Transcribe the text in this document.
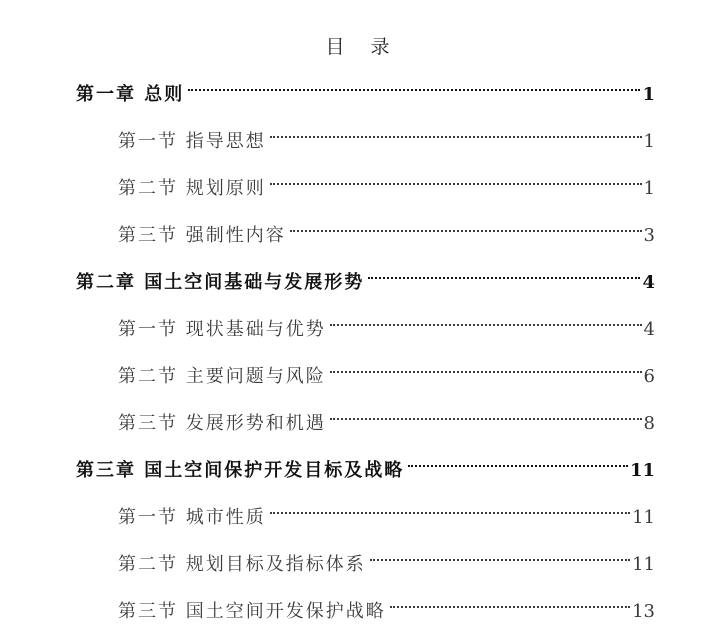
目 录
第一章 总则	1
第一节 指导思想	1
第二节 规划原则	1
第三节 强制性内容	3
第二章 国土空间基础与发展形势	4
第一节 现状基础与优势	4
第二节 主要问题与风险	6
第三节 发展形势和机遇	8
第三章 国土空间保护开发目标及战略	11
第一节 城市性质	11
第二节 规划目标及指标体系	11
第三节 国土空间开发保护战略	13
